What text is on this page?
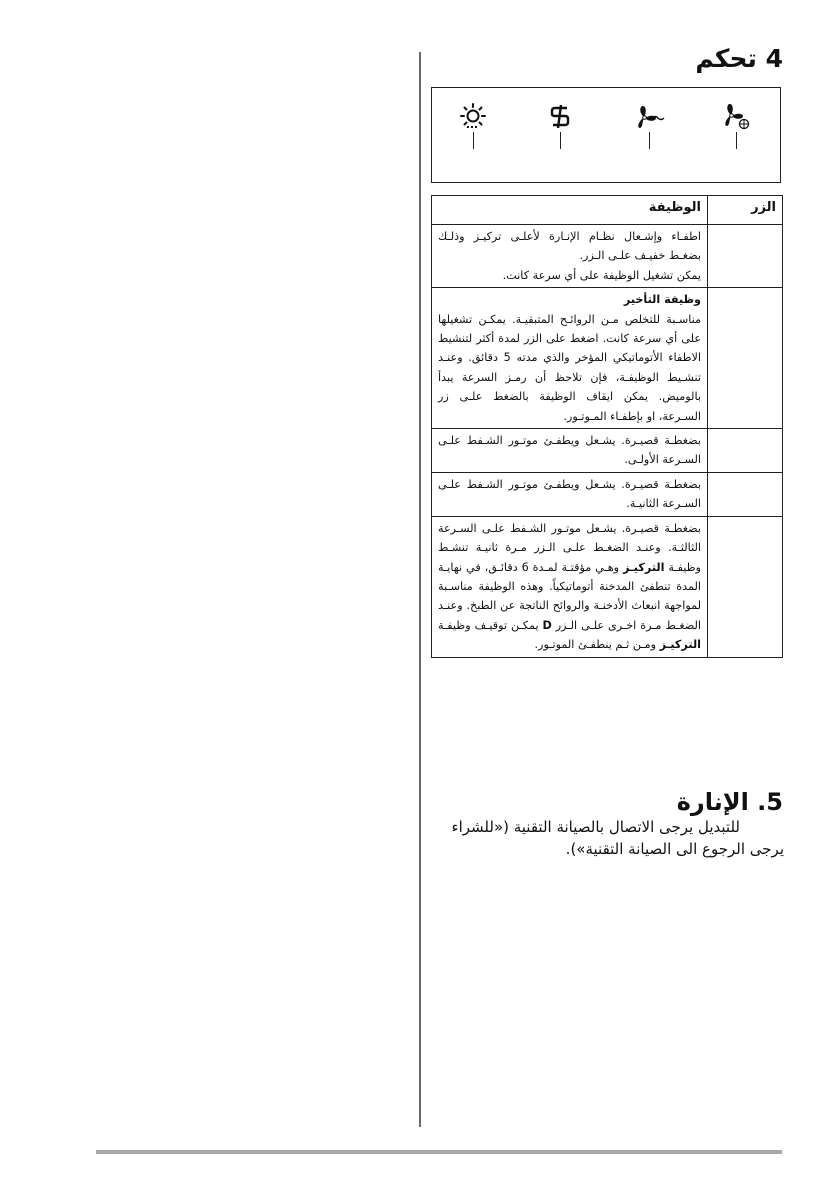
4 تحكم
الزر	الوظيفة
	اطفـاء وإشـعال نظـام الإنـارة لأعلـى تركيـز وذلـك بضغـط خفيـف علـى الـزر.
يمكن تشغيل الوظيفة على أي سرعة كانت.
	وظيفة التأخير
مناسـبة للتخلص مـن الروائـح المتبقيـة. يمكـن تشغيلها على أي سرعة كانت. اضغط على الزر لمدة أكثر لتنشيط الاطفاء الأتوماتيكي المؤخر والذي مدته 5 دقائق. وعنـد تنشـيط الوظيفـة، فإن تلاحظ أن رمـز السرعة يبدأ بالوميض. يمكن ايقاف الوظيفة بالضغط علـى زر السـرعة، او بإطفـاء المـوتـور.
	بضغطـة قصيـرة. يشـعل ويطفـئ موتـور الشـفط علـى السـرعة الأولـى.
	بضغطـة قصيـرة. يشـعل ويطفـئ موتـور الشـفط علـى السـرعة الثانيـة.
	بضغطـة قصيـرة. يشـعل موتـور الشـفط علـى السـرعة الثالثـة. وعنـد الضغـط علـى الـزر مـرة ثانيـة تنشـط وظيفـة التركيـز وهـي مؤقتـة لمـدة 6 دقائـق، في نهايـة المدة تنطفئ المدخنة أتوماتيكياً. وهذه الوظيفة مناسـبة لمواجهة انبعاث الأدخنـة والروائح الناتجة عن الطبخ. وعنـد الضغـط مـرة اخـرى علـى الـزر D يمكـن توقيـف وظيفـة التركيـز ومـن ثـم ينطفـئ الموتـور.
5. الإنارة
للتبديل يرجى الاتصال بالصيانة التقنية («للشراء يرجى الرجوع الى الصيانة التقنية»).
